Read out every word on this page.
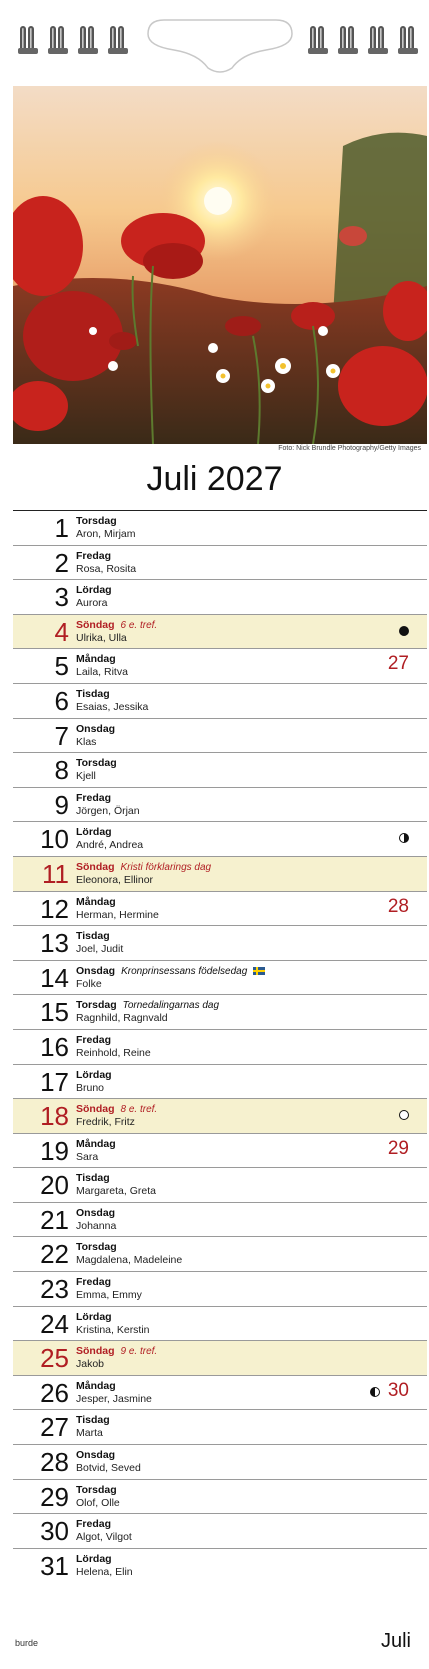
Foto: Nick Brundle Photography/Getty Images
Juli 2027
1 Torsdag
Aron, Mirjam
2 Fredag
Rosa, Rosita
3 Lördag
Aurora
4 Söndag 6 e. tref.
Ulrika, Ulla
5 Måndag
Laila, Ritva	27
6 Tisdag
Esaias, Jessika
7 Onsdag
Klas
8 Torsdag
Kjell
9 Fredag
Jörgen, Örjan
10 Lördag
André, Andrea
11 Söndag Kristi förklarings dag
Eleonora, Ellinor
12 Måndag
Herman, Hermine	28
13 Tisdag
Joel, Judit
14 Onsdag Kronprinsessans födelsedag
Folke
15 Torsdag Tornedalingarnas dag
Ragnhild, Ragnvald
16 Fredag
Reinhold, Reine
17 Lördag
Bruno
18 Söndag 8 e. tref.
Fredrik, Fritz
19 Måndag
Sara	29
20 Tisdag
Margareta, Greta
21 Onsdag
Johanna
22 Torsdag
Magdalena, Madeleine
23 Fredag
Emma, Emmy
24 Lördag
Kristina, Kerstin
25 Söndag 9 e. tref.
Jakob
26 Måndag
Jesper, Jasmine	30
27 Tisdag
Marta
28 Onsdag
Botvid, Seved
29 Torsdag
Olof, Olle
30 Fredag
Algot, Vilgot
31 Lördag
Helena, Elin
burde	Juli
